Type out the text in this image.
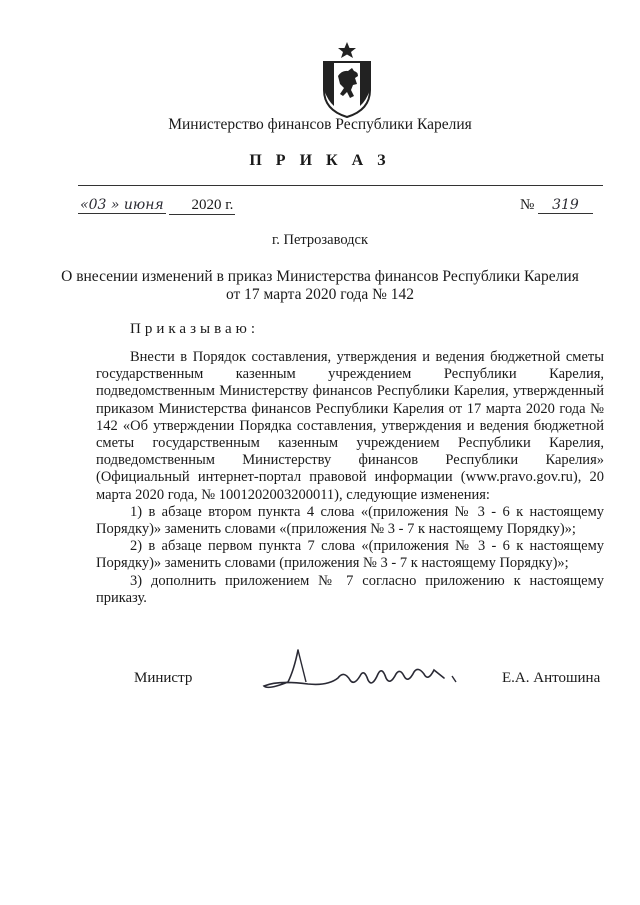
Министерство финансов Республики Карелия
П Р И К А З
«03 » июня 2020 г.	№ 319
г. Петрозаводск
О внесении изменений в приказ Министерства финансов Республики Карелия от 17 марта 2020 года № 142
Приказываю:

Внести в Порядок составления, утверждения и ведения бюджетной сметы государственным казенным учреждением Республики Карелия, подведомственным Министерству финансов Республики Карелия, утвержденный приказом Министерства финансов Республики Карелия от 17 марта 2020 года № 142 «Об утверждении Порядка составления, утверждения и ведения бюджетной сметы государственным казенным учреждением Республики Карелия, подведомственным Министерству финансов Республики Карелия» (Официальный интернет-портал правовой информации (www.pravo.gov.ru), 20 марта 2020 года, № 1001202003200011), следующие изменения:

1) в абзаце втором пункта 4 слова «(приложения № 3 - 6 к настоящему Порядку)» заменить словами «(приложения № 3 - 7 к настоящему Порядку)»;

2) в абзаце первом пункта 7 слова «(приложения № 3 - 6 к настоящему Порядку)» заменить словами (приложения № 3 - 7 к настоящему Порядку)»;

3) дополнить приложением № 7 согласно приложению к настоящему приказу.

Министр	Е.А. Антошина
